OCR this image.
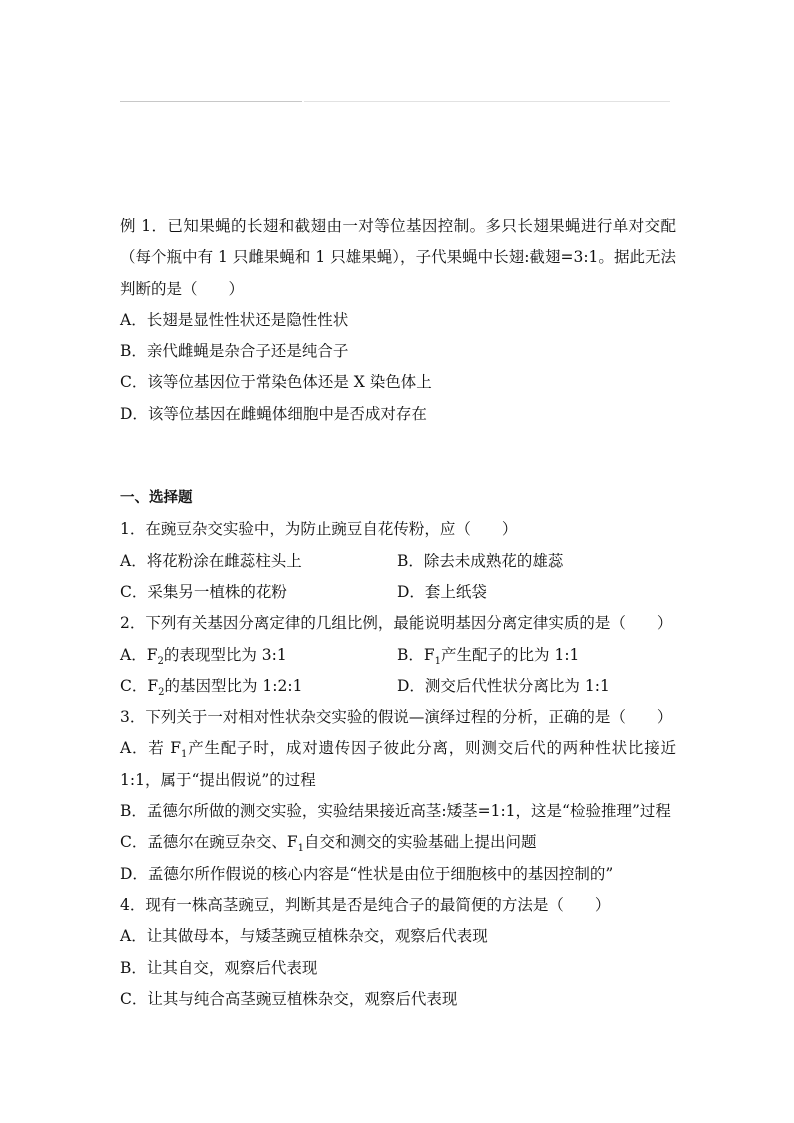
例 1．已知果蝇的长翅和截翅由一对等位基因控制。多只长翅果蝇进行单对交配（每个瓶中有 1 只雌果蝇和 1 只雄果蝇），子代果蝇中长翅:截翅=3:1。据此无法判断的是（　　）
A．长翅是显性性状还是隐性性状
B．亲代雌蝇是杂合子还是纯合子
C．该等位基因位于常染色体还是 X 染色体上
D．该等位基因在雌蝇体细胞中是否成对存在
一、选择题
1．在豌豆杂交实验中，为防止豌豆自花传粉，应（　　）
A．将花粉涂在雌蕊柱头上	B．除去未成熟花的雄蕊
C．采集另一植株的花粉	D．套上纸袋
2．下列有关基因分离定律的几组比例，最能说明基因分离定律实质的是（　　）
A．$F_2$的表现型比为 3:1	B．$F_1$产生配子的比为 1:1
C．$F_2$的基因型比为 1:2:1	D．测交后代性状分离比为 1:1
3．下列关于一对相对性状杂交实验的假说—演绎过程的分析，正确的是（　　）
A．若 $F_1$产生配子时，成对遗传因子彼此分离，则测交后代的两种性状比接近 1:1，属于“提出假说”的过程
B．孟德尔所做的测交实验，实验结果接近高茎:矮茎=1:1，这是“检验推理”过程
C．孟德尔在豌豆杂交、$F_1$自交和测交的实验基础上提出问题
D．孟德尔所作假说的核心内容是“性状是由位于细胞核中的基因控制的”
4．现有一株高茎豌豆，判断其是否是纯合子的最简便的方法是（　　）
A．让其做母本，与矮茎豌豆植株杂交，观察后代表现
B．让其自交，观察后代表现
C．让其与纯合高茎豌豆植株杂交，观察后代表现
